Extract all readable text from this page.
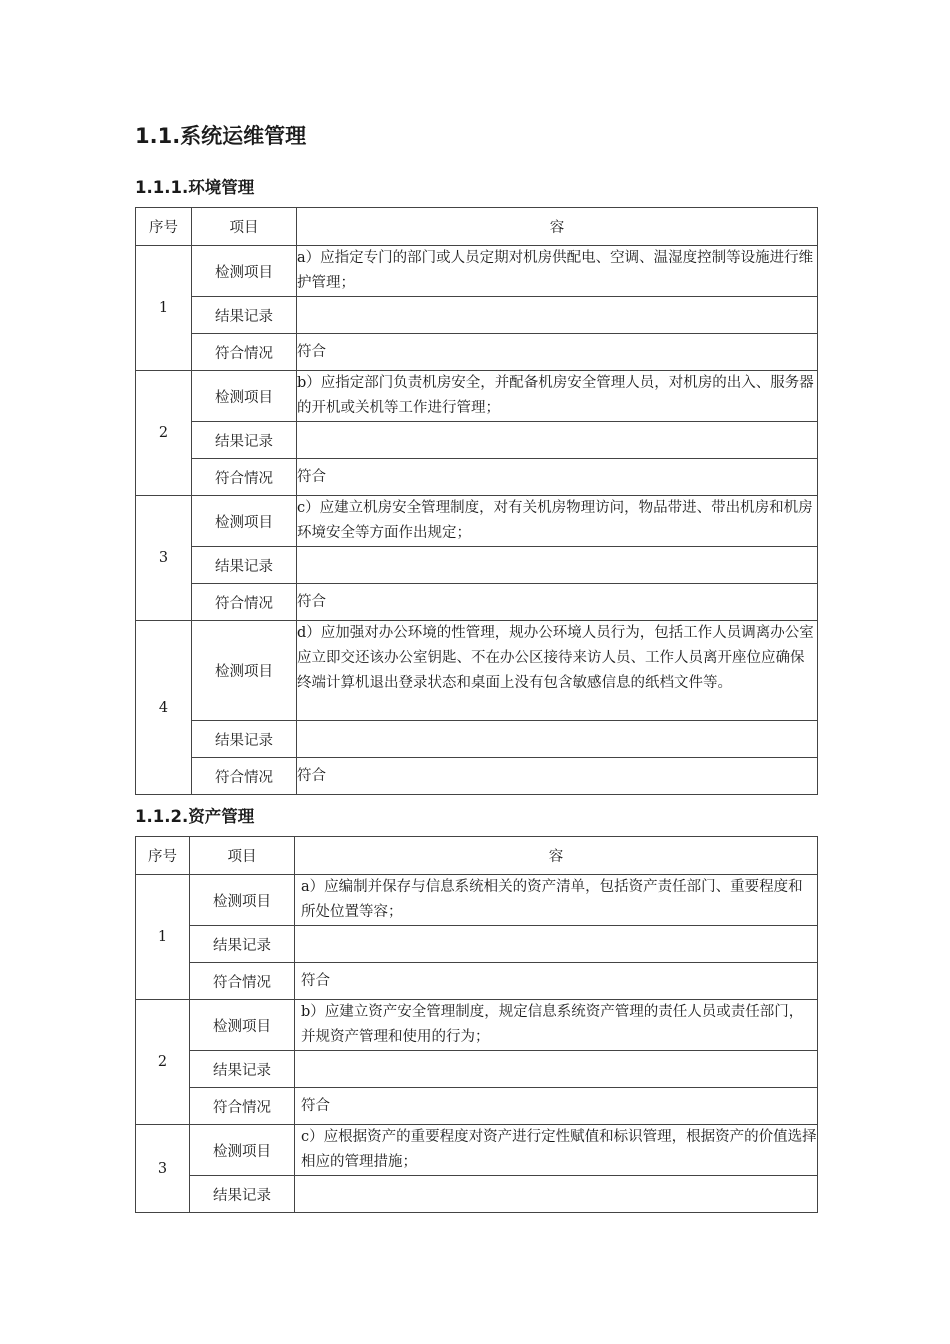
1.1.系统运维管理
1.1.1.环境管理
序号	项目	容
1	检测项目	a）应指定专门的部门或人员定期对机房供配电、空调、温湿度控制等设施进行维护管理；
	结果记录	
	符合情况	符合
2	检测项目	b）应指定部门负责机房安全，并配备机房安全管理人员，对机房的出入、服务器的开机或关机等工作进行管理；
	结果记录	
	符合情况	符合
3	检测项目	c）应建立机房安全管理制度，对有关机房物理访问，物品带进、带出机房和机房环境安全等方面作出规定；
	结果记录	
	符合情况	符合
4	检测项目	d）应加强对办公环境的性管理，规办公环境人员行为，包括工作人员调离办公室应立即交还该办公室钥匙、不在办公区接待来访人员、工作人员离开座位应确保终端计算机退出登录状态和桌面上没有包含敏感信息的纸档文件等。
	结果记录	
	符合情况	符合
1.1.2.资产管理
序号	项目	容
1	检测项目	a）应编制并保存与信息系统相关的资产清单，包括资产责任部门、重要程度和所处位置等容；
	结果记录	
	符合情况	符合
2	检测项目	b）应建立资产安全管理制度，规定信息系统资产管理的责任人员或责任部门，并规资产管理和使用的行为；
	结果记录	
	符合情况	符合
3	检测项目	c）应根据资产的重要程度对资产进行定性赋值和标识管理，根据资产的价值选择相应的管理措施；
	结果记录	
